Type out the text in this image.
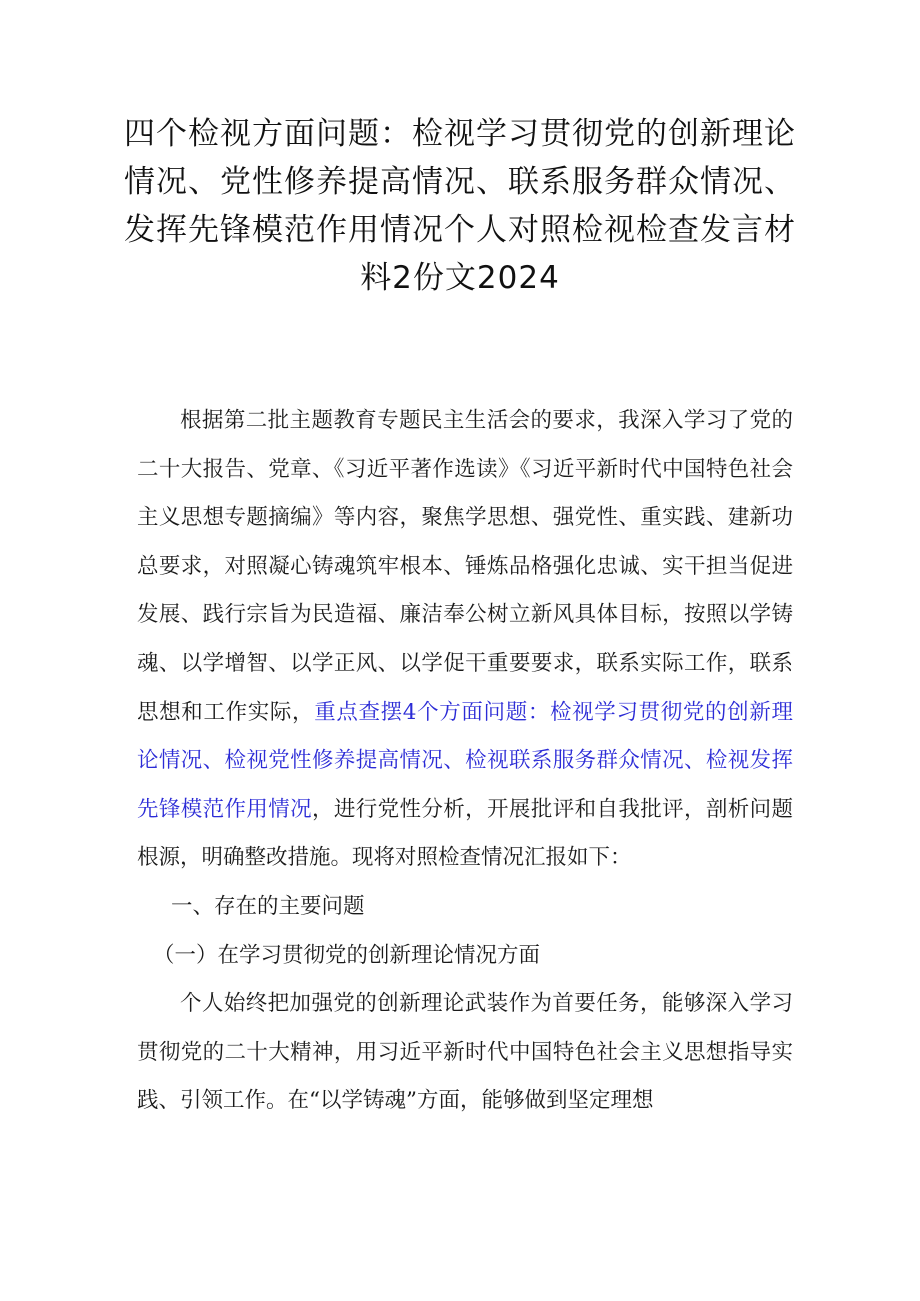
四个检视方面问题：检视学习贯彻党的创新理论情况、党性修养提高情况、联系服务群众情况、发挥先锋模范作用情况个人对照检视检查发言材料2份文2024

根据第二批主题教育专题民主生活会的要求，我深入学习了党的二十大报告、党章、《习近平著作选读》《习近平新时代中国特色社会主义思想专题摘编》等内容，聚焦学思想、强党性、重实践、建新功总要求，对照凝心铸魂筑牢根本、锤炼品格强化忠诚、实干担当促进发展、践行宗旨为民造福、廉洁奉公树立新风具体目标，按照以学铸魂、以学增智、以学正风、以学促干重要要求，联系实际工作，联系思想和工作实际，重点查摆4个方面问题：检视学习贯彻党的创新理论情况、检视党性修养提高情况、检视联系服务群众情况、检视发挥先锋模范作用情况，进行党性分析，开展批评和自我批评，剖析问题根源，明确整改措施。现将对照检查情况汇报如下：

一、存在的主要问题

（一）在学习贯彻党的创新理论情况方面

个人始终把加强党的创新理论武装作为首要任务，能够深入学习贯彻党的二十大精神，用习近平新时代中国特色社会主义思想指导实践、引领工作。在“以学铸魂”方面，能够做到坚定理想
